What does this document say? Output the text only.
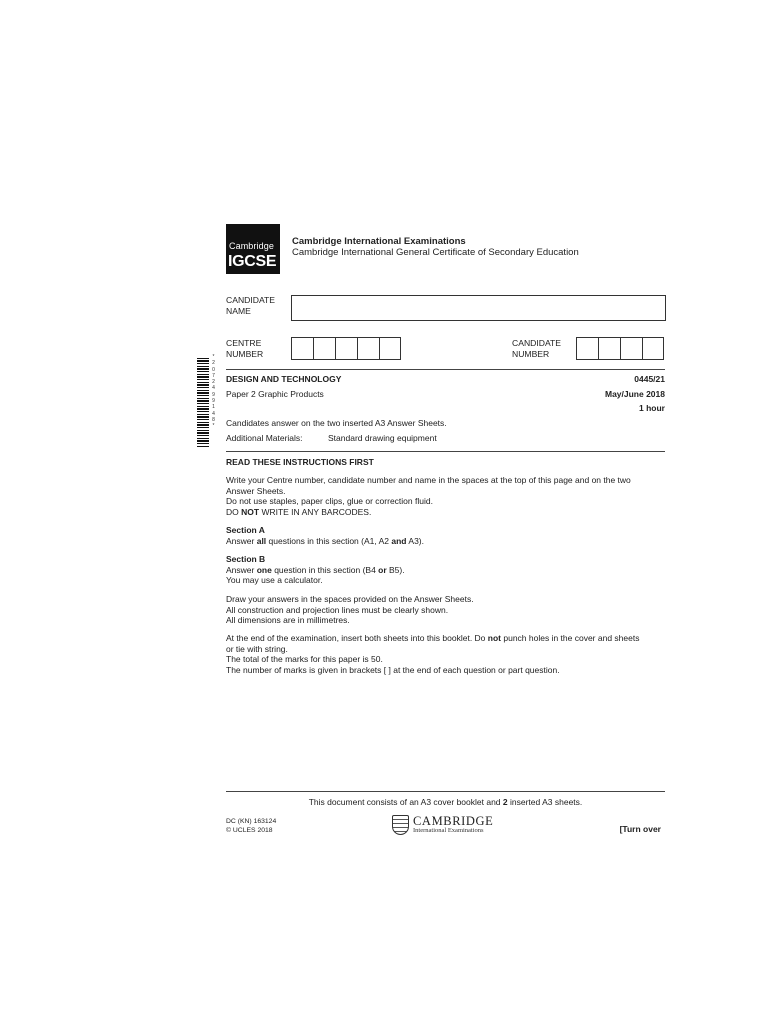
Cambridge
IGCSE
Cambridge International Examinations
Cambridge International General Certificate of Secondary Education
CANDIDATE
NAME
CENTRE
NUMBER
CANDIDATE
NUMBER
*
2
0
7
2
4
9
9
1
4
8
*
DESIGN AND TECHNOLOGY	0445/21
Paper 2 Graphic Products	May/June 2018
1 hour
Candidates answer on the two inserted A3 Answer Sheets.
Additional Materials:	Standard drawing equipment
READ THESE INSTRUCTIONS FIRST
Write your Centre number, candidate number and name in the spaces at the top of this page and on the two
Answer Sheets.
Do not use staples, paper clips, glue or correction fluid.
DO NOT WRITE IN ANY BARCODES.
Section A
Answer all questions in this section (A1, A2 and A3).
Section B
Answer one question in this section (B4 or B5).
You may use a calculator.
Draw your answers in the spaces provided on the Answer Sheets.
All construction and projection lines must be clearly shown.
All dimensions are in millimetres.
At the end of the examination, insert both sheets into this booklet. Do not punch holes in the cover and sheets
or tie with string.
The total of the marks for this paper is 50.
The number of marks is given in brackets [ ] at the end of each question or part question.
This document consists of an A3 cover booklet and 2 inserted A3 sheets.
DC (KN) 163124
© UCLES 2018
CAMBRIDGE
International Examinations	[Turn over
